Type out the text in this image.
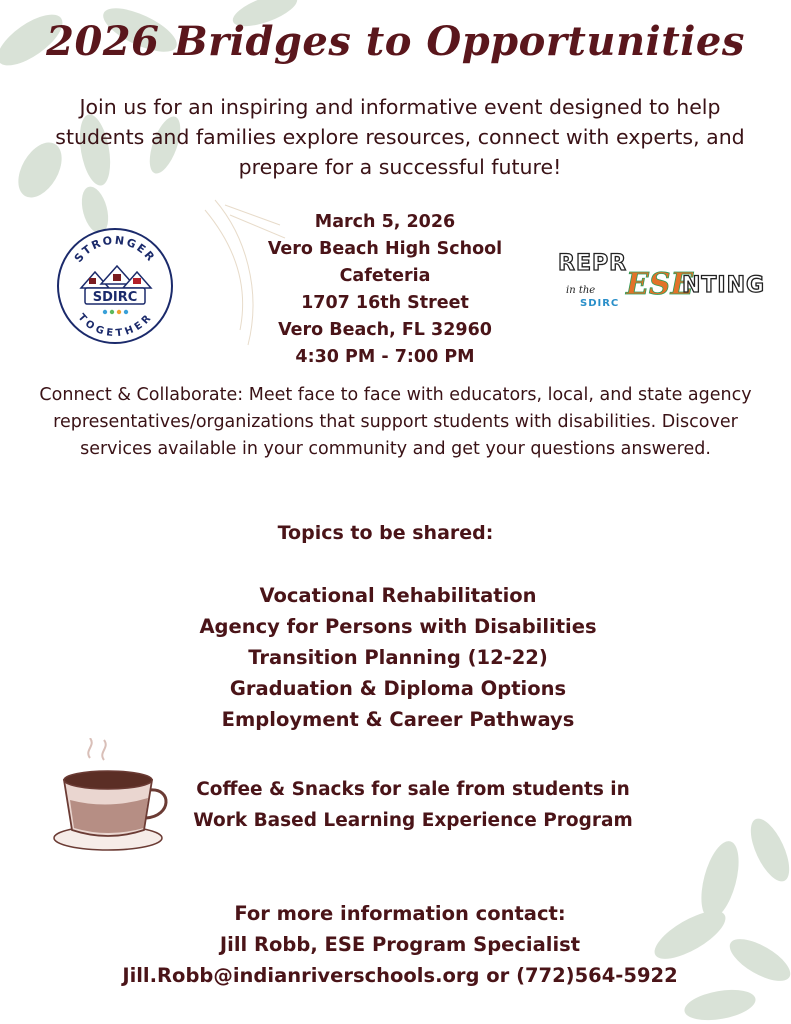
2026 Bridges to Opportunities
Join us for an inspiring and informative event designed to help students and families explore resources, connect with experts, and prepare for a successful future!
STRONGER
TOGETHER
SDIRC
March 5, 2026
Vero Beach High School
Cafeteria
1707 16th Street
Vero Beach, FL 32960
4:30 PM - 7:00 PM
REPR
in the
SDIRC
ESE
NTING
Connect & Collaborate: Meet face to face with educators, local, and state agency representatives/organizations that support students with disabilities. Discover services available in your community and get your questions answered.
Topics to be shared:
Vocational Rehabilitation
Agency for Persons with Disabilities
Transition Planning (12-22)
Graduation & Diploma Options
Employment & Career Pathways
Coffee & Snacks for sale from students in Work Based Learning Experience Program
For more information contact:
Jill Robb, ESE Program Specialist
Jill.Robb@indianriverschools.org or (772)564-5922
